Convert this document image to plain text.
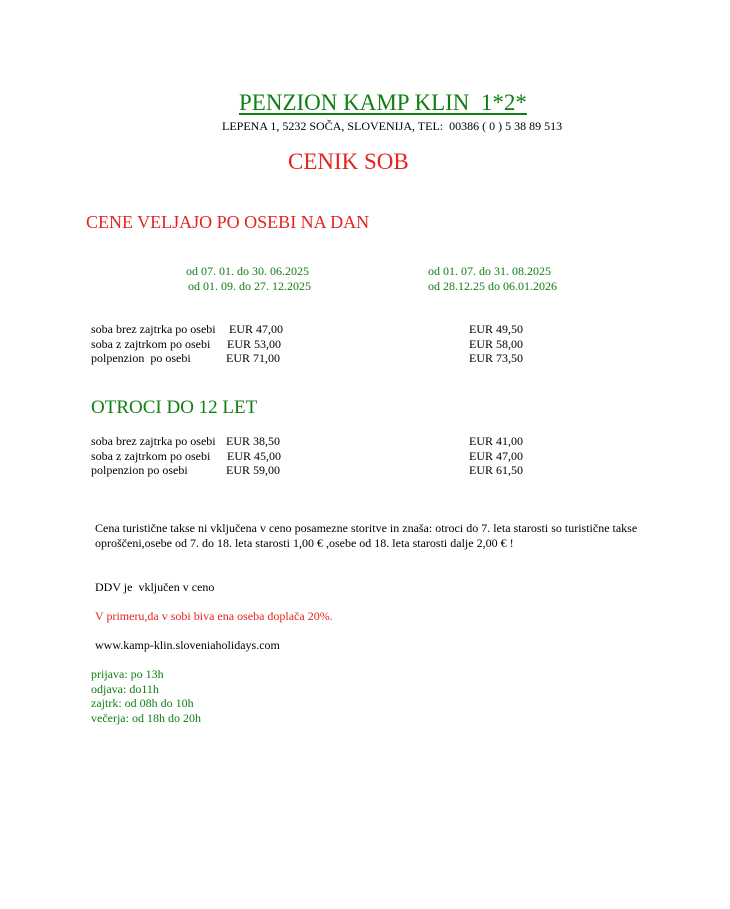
PENZION KAMP KLIN  1*2*
LEPENA 1, 5232 SOČA, SLOVENIJA, TEL:  00386 ( 0 ) 5 38 89 513
CENIK SOB
CENE VELJAJO PO OSEBI NA DAN
od 07. 01. do 30. 06.2025
od 01. 09. do 27. 12.2025
od 01. 07. do 31. 08.2025
od 28.12.25 do 06.01.2026
soba brez zajtrka po osebi EUR 47,00	EUR 49,50
soba z zajtrkom po osebi EUR 53,00	EUR 58,00
polpenzion  po osebi	EUR 71,00	EUR 73,50
OTROCI DO 12 LET
soba brez zajtrka po osebi EUR 38,50	EUR 41,00
soba z zajtrkom po osebi EUR 45,00	EUR 47,00
polpenzion po osebi	EUR 59,00	EUR 61,50
Cena turistične takse ni vključena v ceno posamezne storitve in znaša: otroci do 7. leta starosti so turistične takse
oproščeni,osebe od 7. do 18. leta starosti 1,00 € ,osebe od 18. leta starosti dalje 2,00 € !
DDV je  vključen v ceno
V primeru,da v sobi biva ena oseba doplača 20%.
www.kamp-klin.sloveniaholidays.com
prijava: po 13h
odjava: do11h
zajtrk: od 08h do 10h
večerja: od 18h do 20h
